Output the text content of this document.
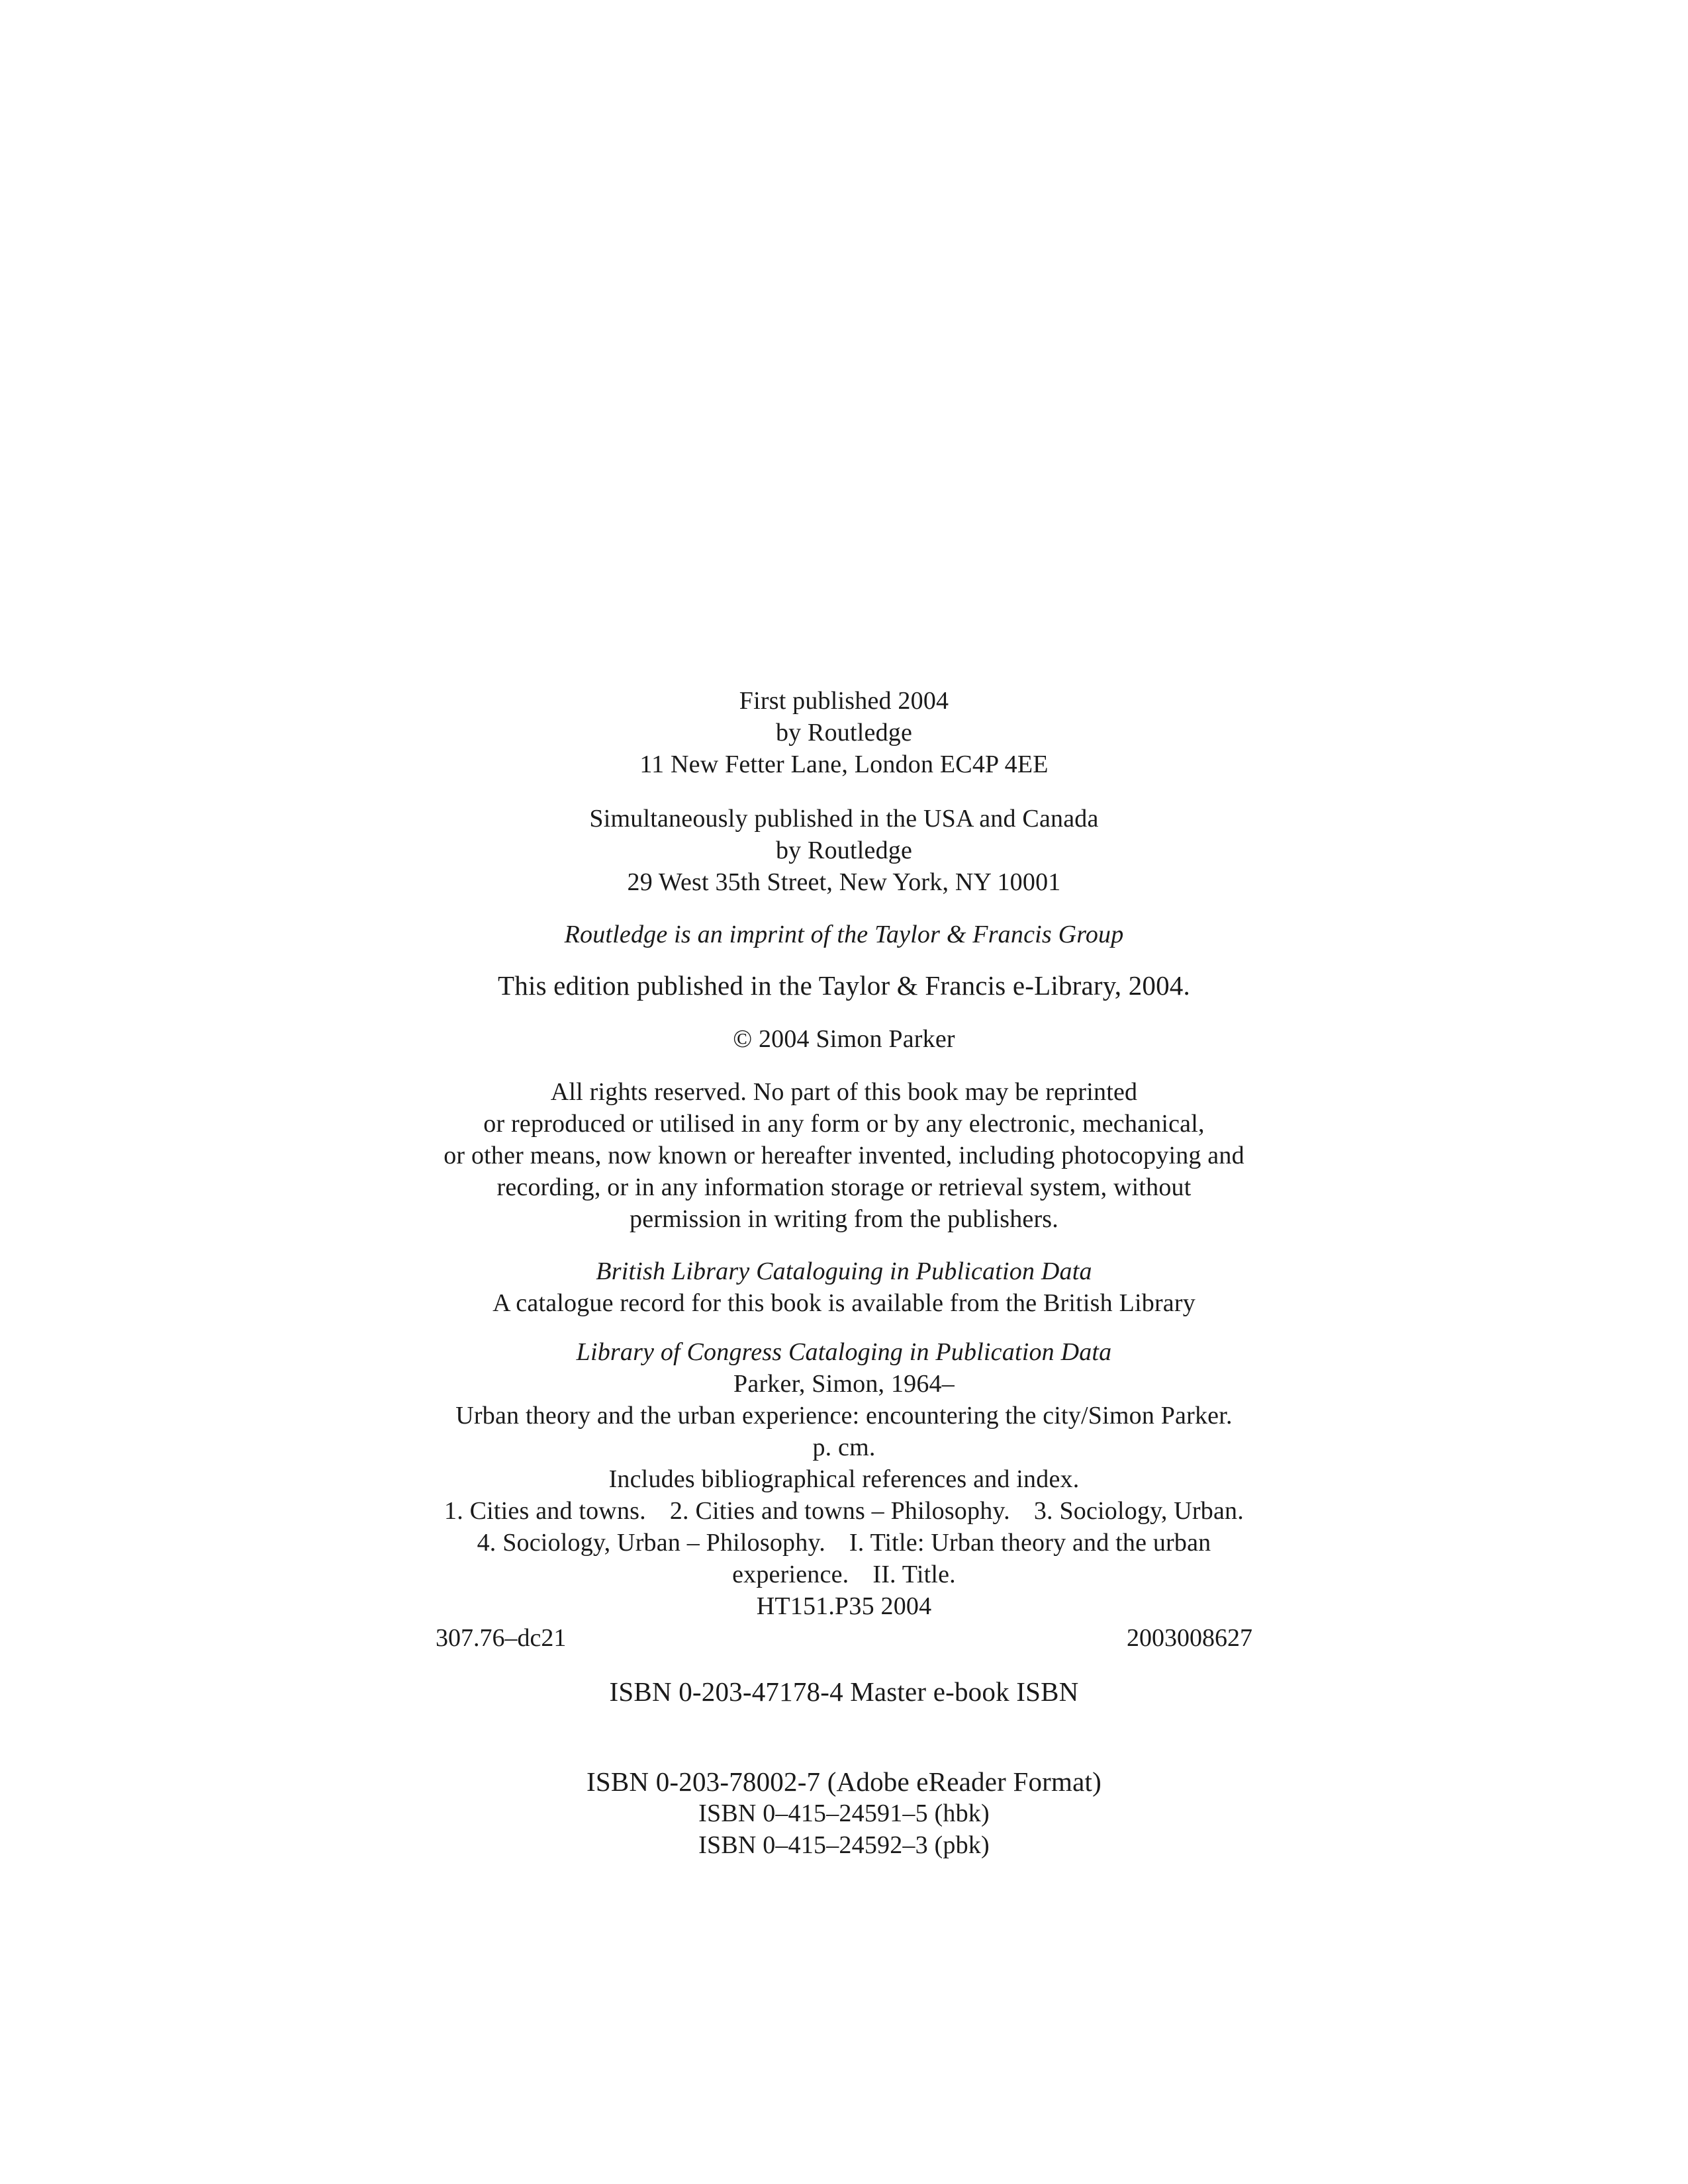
First published 2004
by Routledge
11 New Fetter Lane, London EC4P 4EE
Simultaneously published in the USA and Canada
by Routledge
29 West 35th Street, New York, NY 10001
Routledge is an imprint of the Taylor & Francis Group
This edition published in the Taylor & Francis e-Library, 2004.
© 2004 Simon Parker
All rights reserved. No part of this book may be reprinted
or reproduced or utilised in any form or by any electronic, mechanical,
or other means, now known or hereafter invented, including photocopying and
recording, or in any information storage or retrieval system, without
permission in writing from the publishers.
British Library Cataloguing in Publication Data
A catalogue record for this book is available from the British Library
Library of Congress Cataloging in Publication Data
Parker, Simon, 1964–
Urban theory and the urban experience: encountering the city/Simon Parker.
p. cm.
Includes bibliographical references and index.
1. Cities and towns. 2. Cities and towns – Philosophy. 3. Sociology, Urban.
4. Sociology, Urban – Philosophy. I. Title: Urban theory and the urban
experience. II. Title.
HT151.P35 2004
307.76–dc21	2003008627
ISBN 0-203-47178-4 Master e-book ISBN
ISBN 0-203-78002-7 (Adobe eReader Format)
ISBN 0–415–24591–5 (hbk)
ISBN 0–415–24592–3 (pbk)
